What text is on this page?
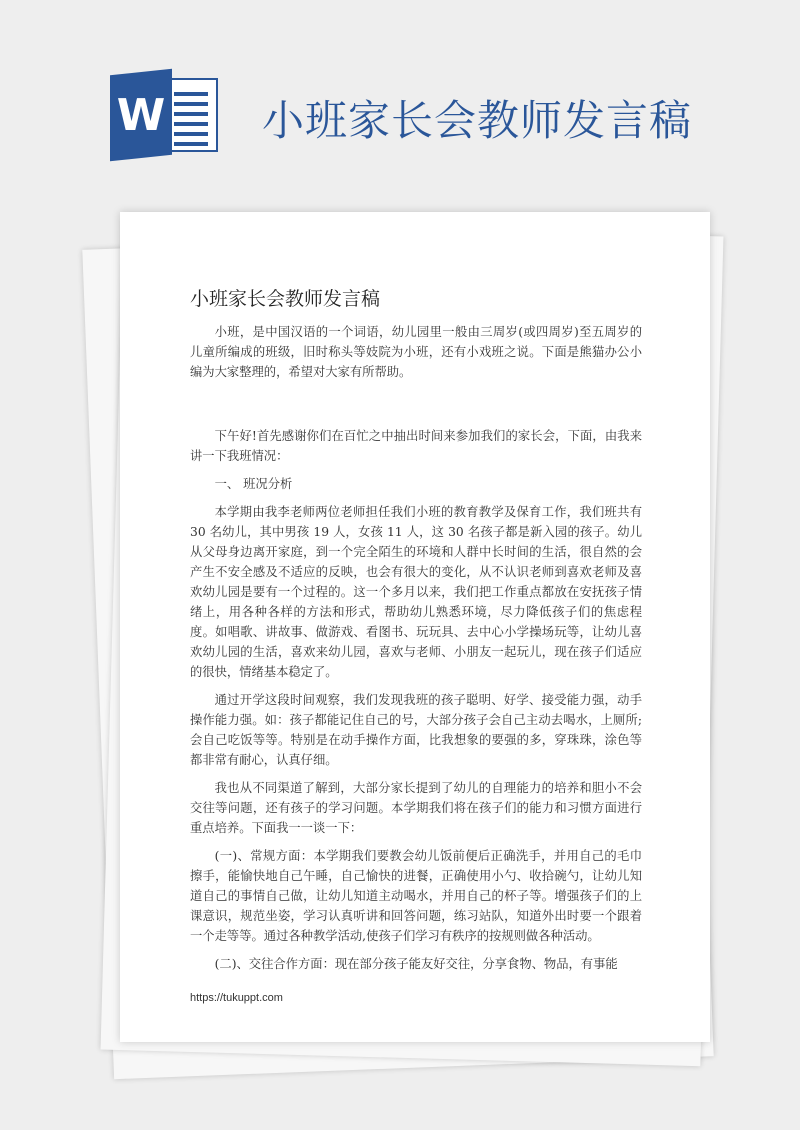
W 小班家长会教师发言稿
小班家长会教师发言稿

小班，是中国汉语的一个词语，幼儿园里一般由三周岁(或四周岁)至五周岁的儿童所编成的班级，旧时称头等妓院为小班，还有小戏班之说。下面是熊猫办公小编为大家整理的，希望对大家有所帮助。

下午好!首先感谢你们在百忙之中抽出时间来参加我们的家长会，下面，由我来讲一下我班情况：

一、 班况分析

本学期由我李老师两位老师担任我们小班的教育教学及保育工作，我们班共有 30 名幼儿，其中男孩 19 人，女孩 11 人，这 30 名孩子都是新入园的孩子。幼儿从父母身边离开家庭，到一个完全陌生的环境和人群中长时间的生活，很自然的会产生不安全感及不适应的反映，也会有很大的变化，从不认识老师到喜欢老师及喜欢幼儿园是要有一个过程的。这一个多月以来，我们把工作重点都放在安抚孩子情绪上，用各种各样的方法和形式，帮助幼儿熟悉环境，尽力降低孩子们的焦虑程度。如唱歌、讲故事、做游戏、看图书、玩玩具、去中心小学操场玩等，让幼儿喜欢幼儿园的生活，喜欢来幼儿园，喜欢与老师、小朋友一起玩儿，现在孩子们适应的很快，情绪基本稳定了。

通过开学这段时间观察，我们发现我班的孩子聪明、好学、接受能力强，动手操作能力强。如：孩子都能记住自己的号，大部分孩子会自己主动去喝水，上厕所;会自己吃饭等等。特别是在动手操作方面，比我想象的要强的多，穿珠珠，涂色等都非常有耐心，认真仔细。

我也从不同渠道了解到，大部分家长提到了幼儿的自理能力的培养和胆小不会交往等问题，还有孩子的学习问题。本学期我们将在孩子们的能力和习惯方面进行重点培养。下面我一一谈一下：

(一)、常规方面：本学期我们要教会幼儿饭前便后正确洗手，并用自己的毛巾擦手，能愉快地自己午睡，自己愉快的进餐，正确使用小勺、收拾碗勺，让幼儿知道自己的事情自己做，让幼儿知道主动喝水，并用自己的杯子等。增强孩子们的上课意识，规范坐姿，学习认真听讲和回答问题，练习站队，知道外出时要一个跟着一个走等等。通过各种教学活动,使孩子们学习有秩序的按规则做各种活动。

(二)、交往合作方面：现在部分孩子能友好交往，分享食物、物品，有事能

https://tukuppt.com
